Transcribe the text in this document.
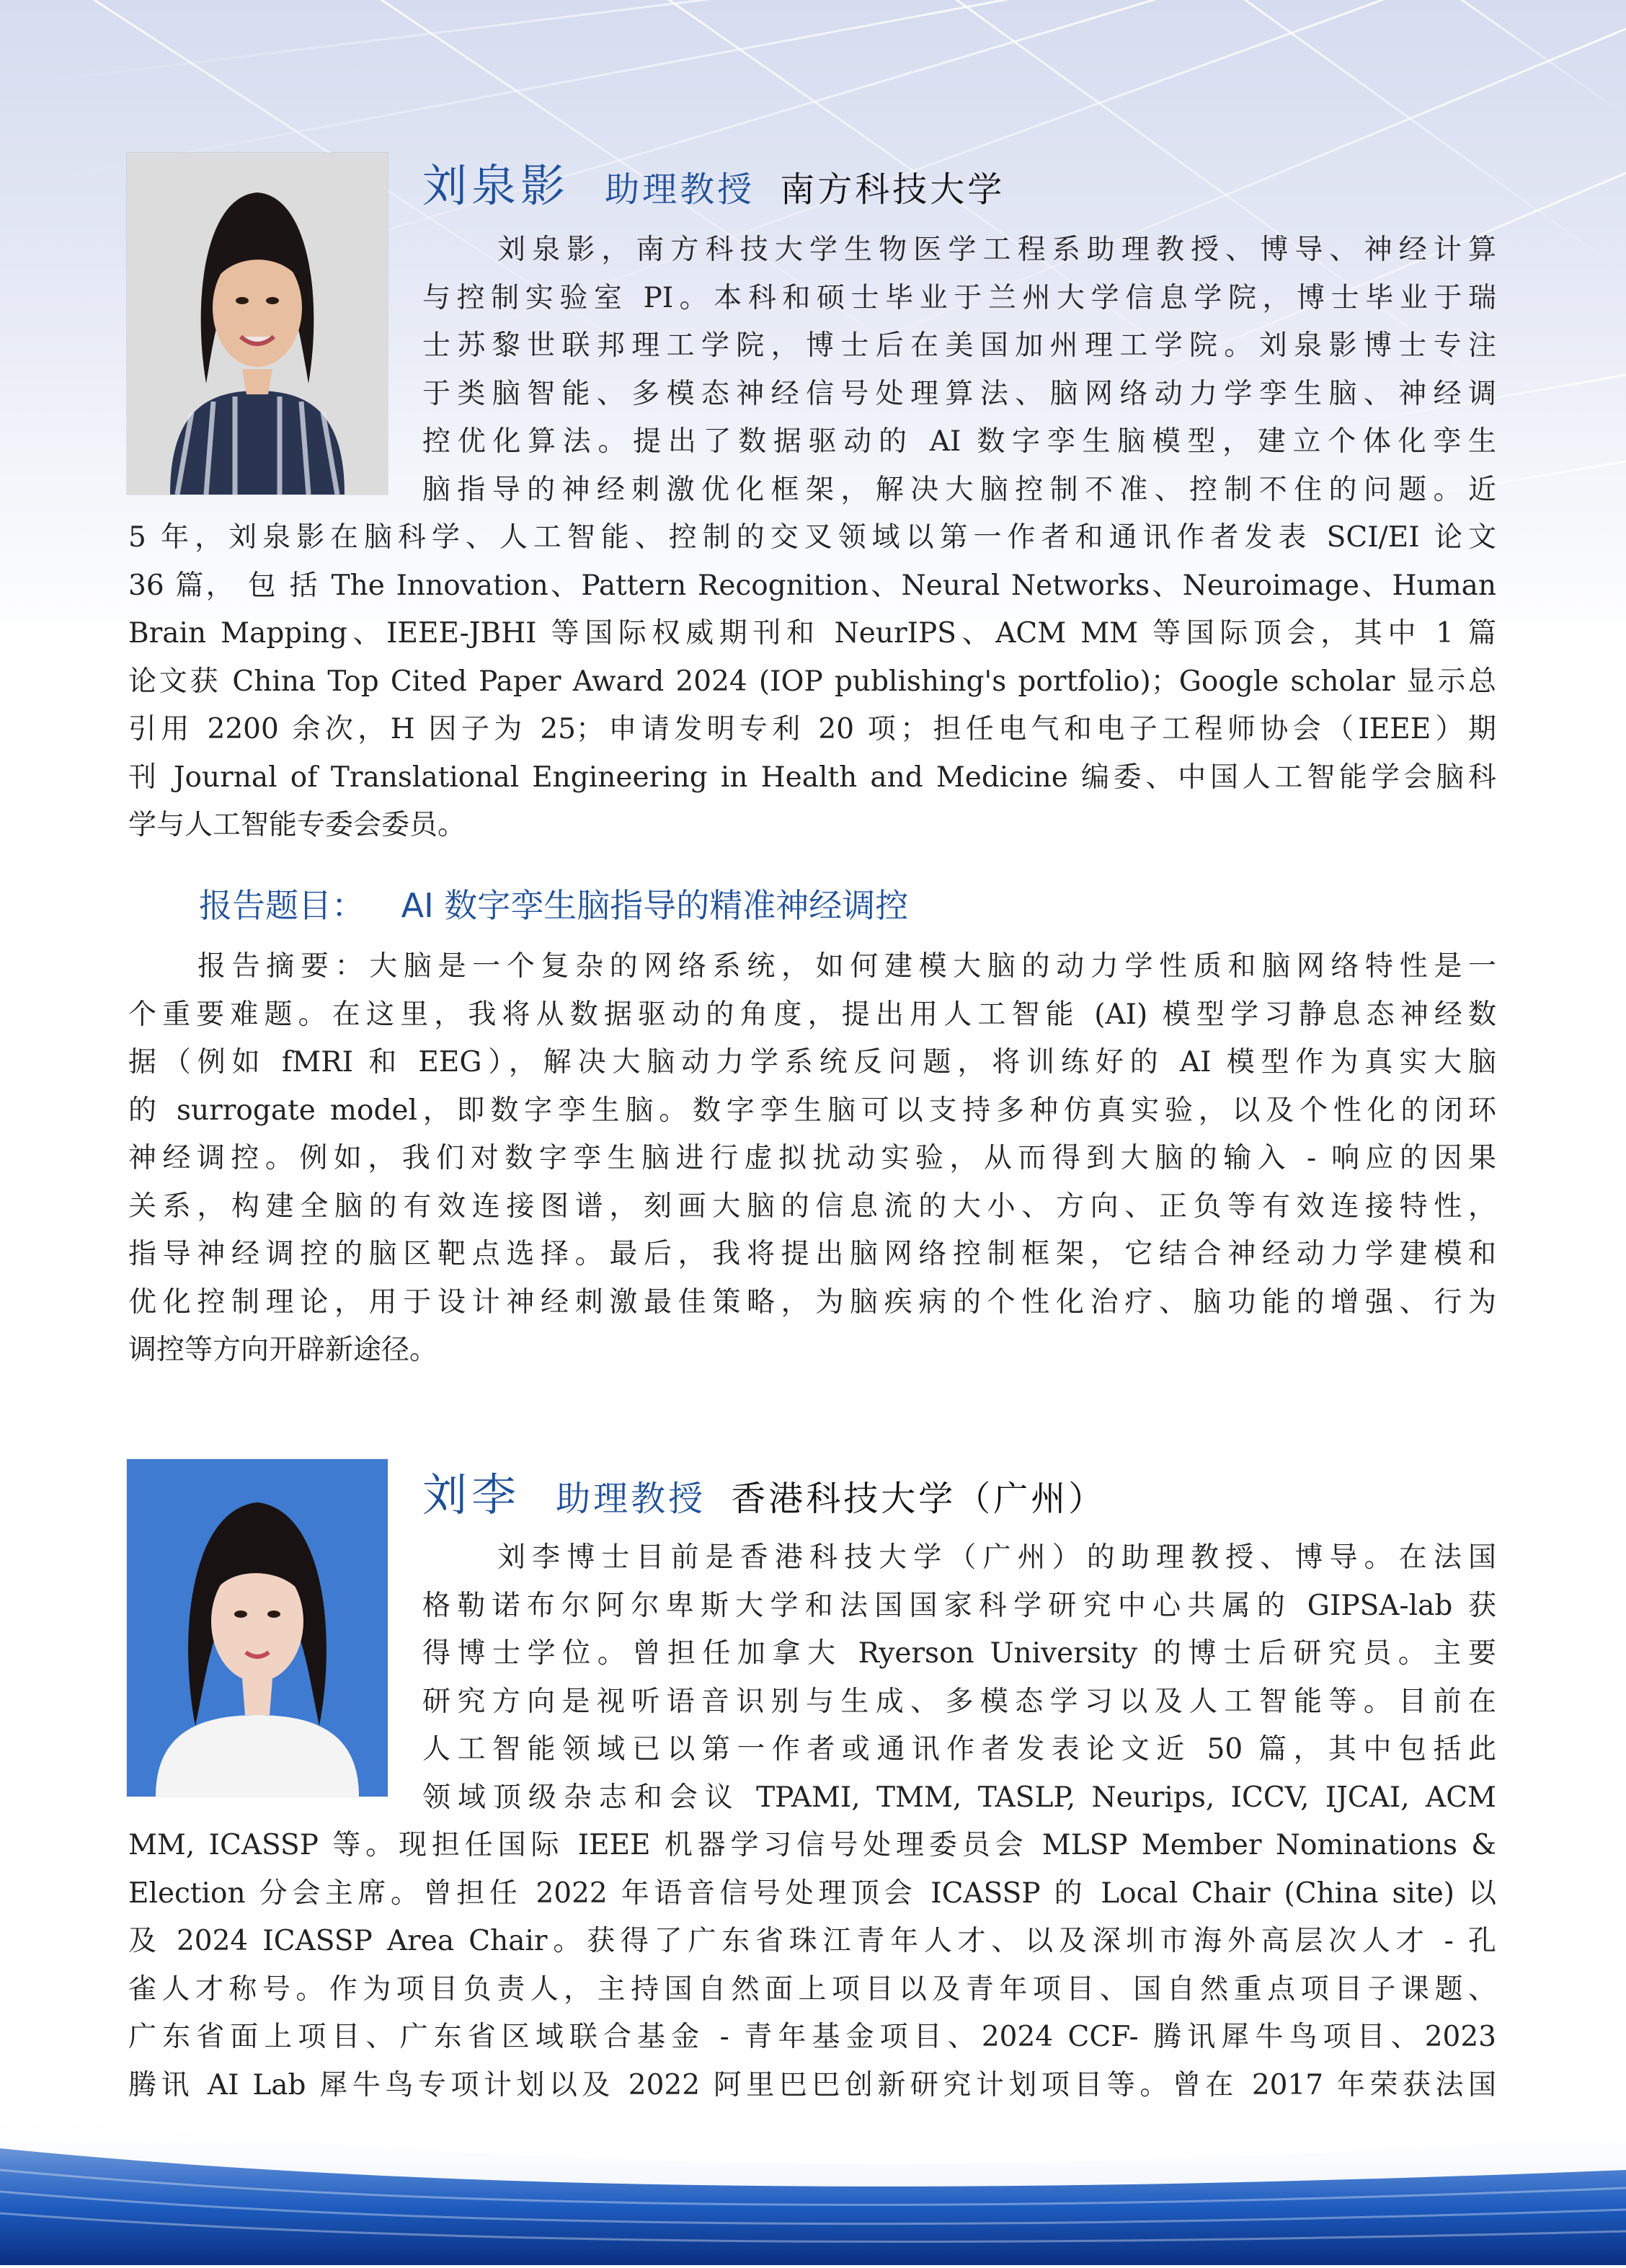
刘泉影 助理教授 南方科技大学
刘泉影，南方科技大学生物医学工程系助理教授、博导、神经计算
与控制实验室 PI。本科和硕士毕业于兰州大学信息学院，博士毕业于瑞
士苏黎世联邦理工学院，博士后在美国加州理工学院。刘泉影博士专注
于类脑智能、多模态神经信号处理算法、脑网络动力学孪生脑、神经调
控优化算法。提出了数据驱动的 AI 数字孪生脑模型，建立个体化孪生
脑指导的神经刺激优化框架，解决大脑控制不准、控制不住的问题。近
5 年，刘泉影在脑科学、人工智能、控制的交叉领域以第一作者和通讯作者发表 SCI/EI 论文
36 篇， 包 括 The Innovation、Pattern Recognition、Neural Networks、Neuroimage、Human
Brain Mapping、IEEE-JBHI 等国际权威期刊和 NeurIPS、ACM MM 等国际顶会，其中 1 篇
论文获 China Top Cited Paper Award 2024 (IOP publishing's portfolio)；Google scholar 显示总
引用 2200 余次，H 因子为 25；申请发明专利 20 项；担任电气和电子工程师协会（IEEE）期
刊 Journal of Translational Engineering in Health and Medicine 编委、中国人工智能学会脑科
学与人工智能专委会委员。
报告题目： AI 数字孪生脑指导的精准神经调控
报告摘要：大脑是一个复杂的网络系统，如何建模大脑的动力学性质和脑网络特性是一
个重要难题。在这里，我将从数据驱动的角度，提出用人工智能 (AI) 模型学习静息态神经数
据（例如 fMRI 和 EEG），解决大脑动力学系统反问题，将训练好的 AI 模型作为真实大脑
的 surrogate model，即数字孪生脑。数字孪生脑可以支持多种仿真实验，以及个性化的闭环
神经调控。例如，我们对数字孪生脑进行虚拟扰动实验，从而得到大脑的输入 - 响应的因果
关系，构建全脑的有效连接图谱，刻画大脑的信息流的大小、方向、正负等有效连接特性，
指导神经调控的脑区靶点选择。最后，我将提出脑网络控制框架，它结合神经动力学建模和
优化控制理论，用于设计神经刺激最佳策略，为脑疾病的个性化治疗、脑功能的增强、行为
调控等方向开辟新途径。
刘李 助理教授 香港科技大学（广州）
刘李博士目前是香港科技大学（广州）的助理教授、博导。在法国
格勒诺布尔阿尔卑斯大学和法国国家科学研究中心共属的 GIPSA-lab 获
得博士学位。曾担任加拿大 Ryerson University 的博士后研究员。主要
研究方向是视听语音识别与生成、多模态学习以及人工智能等。目前在
人工智能领域已以第一作者或通讯作者发表论文近 50 篇，其中包括此
领域顶级杂志和会议 TPAMI, TMM, TASLP, Neurips, ICCV, IJCAI, ACM
MM, ICASSP 等。现担任国际 IEEE 机器学习信号处理委员会 MLSP Member Nominations &
Election 分会主席。曾担任 2022 年语音信号处理顶会 ICASSP 的 Local Chair (China site) 以
及 2024 ICASSP Area Chair。获得了广东省珠江青年人才、以及深圳市海外高层次人才 - 孔
雀人才称号。作为项目负责人，主持国自然面上项目以及青年项目、国自然重点项目子课题、
广东省面上项目、广东省区域联合基金 - 青年基金项目、2024 CCF- 腾讯犀牛鸟项目、2023
腾讯 AI Lab 犀牛鸟专项计划以及 2022 阿里巴巴创新研究计划项目等。曾在 2017 年荣获法国
